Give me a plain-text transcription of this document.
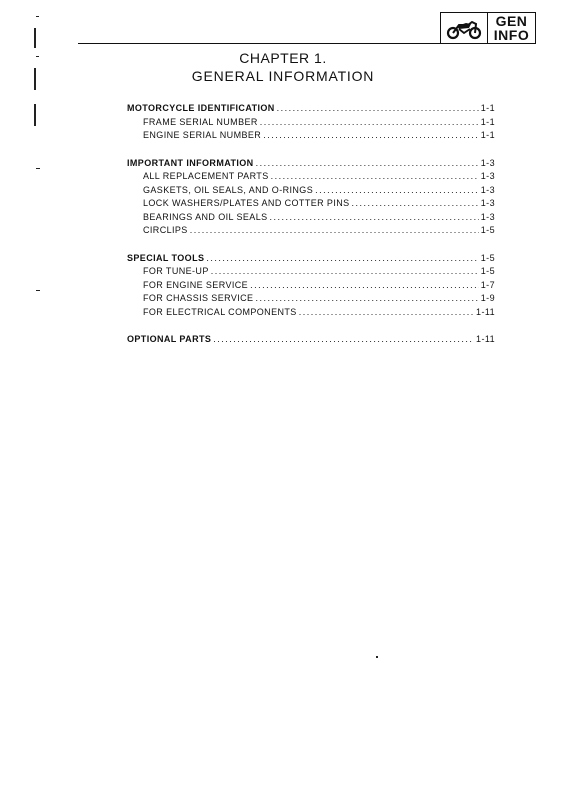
GEN
INFO
CHAPTER 1.
GENERAL INFORMATION
MOTORCYCLE IDENTIFICATION . . .	1-1
FRAME SERIAL NUMBER . . .	1-1
ENGINE SERIAL NUMBER . . .	1-1
IMPORTANT INFORMATION . . .	1-3
ALL REPLACEMENT PARTS . . .	1-3
GASKETS, OIL SEALS, AND O-RINGS . . .	1-3
LOCK WASHERS/PLATES AND COTTER PINS . . .	1-3
BEARINGS AND OIL SEALS . . .	1-3
CIRCLIPS . . .	1-5
SPECIAL TOOLS . . .	1-5
FOR TUNE-UP . . .	1-5
FOR ENGINE SERVICE . . .	1-7
FOR CHASSIS SERVICE . . .	1-9
FOR ELECTRICAL COMPONENTS . . .	1-11
OPTIONAL PARTS . . .	1-11
